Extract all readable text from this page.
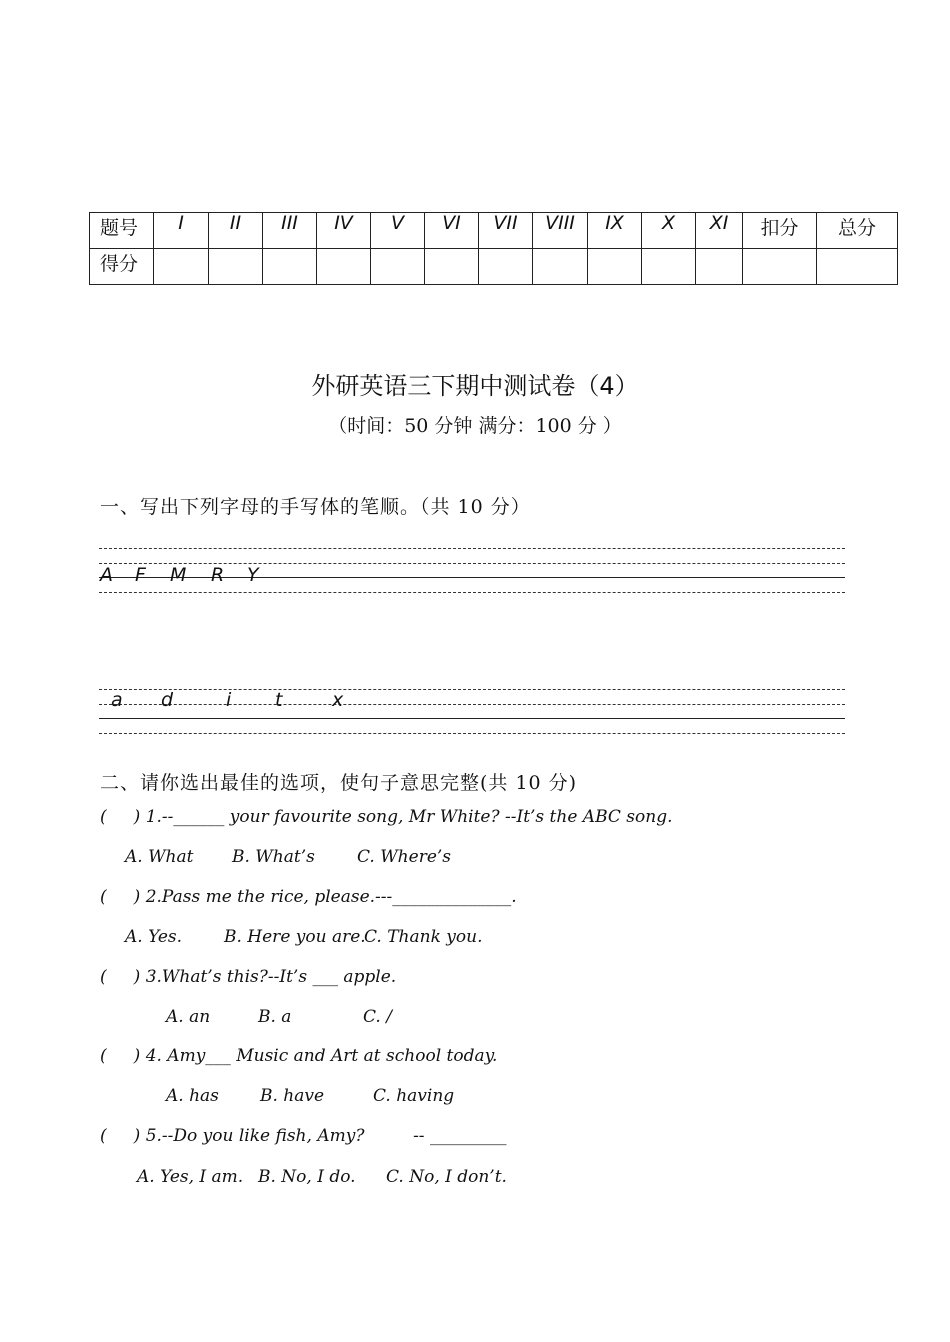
题号	I	II	III	IV	V	VI	VII	VIII	IX	X	XI	扣分	总分
得分													
外研英语三下期中测试卷（4）
（时间：50 分钟 满分：100 分 ）
一、写出下列字母的手写体的笔顺。（共 10 分）
A F M R Y
a d	i t	x
二、请你选出最佳的选项，使句子意思完整(共 10 分)
(     ) 1.--______ your favourite song, Mr White? --It’s the ABC song.
A. What B. What’s C. Where’s
(     ) 2.Pass me the rice, please.---______________.
A. Yes. B. Here you are.
C. Thank you.
(     ) 3.What’s this?--It’s ___ apple.
A. an	B. a	C. /
(     ) 4. Amy___ Music and Art at school today.
A. has B. have	C. having
(     ) 5.--Do you like fish, Amy?         -- _________
A. Yes, I am. B. No, I do. C. No, I don’t.
